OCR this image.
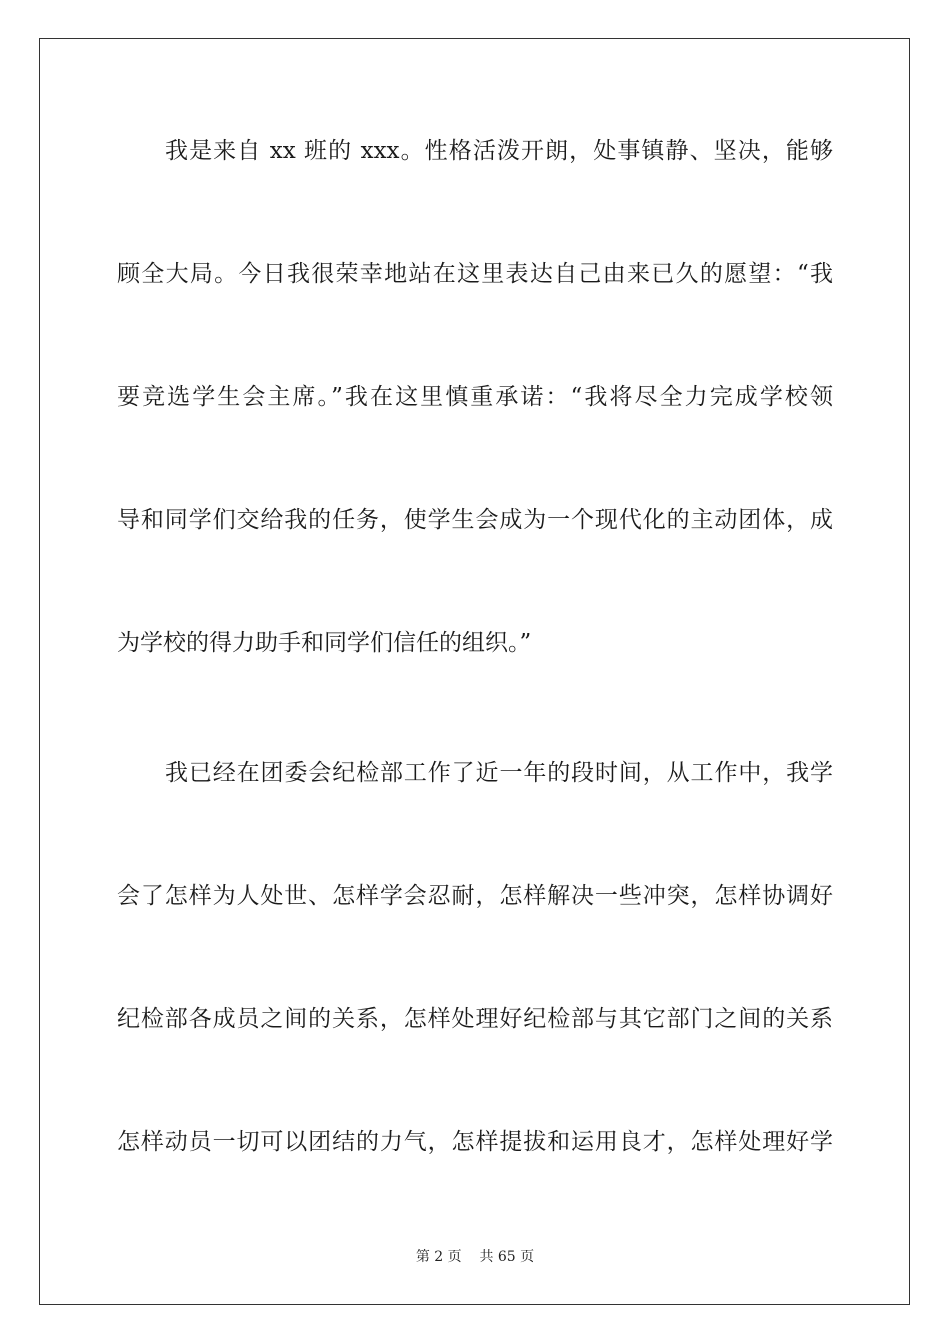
我是来自 xx 班的 xxx。性格活泼开朗，处事镇静、坚决，能够
顾全大局。今日我很荣幸地站在这里表达自己由来已久的愿望：“我
要竞选学生会主席。”我在这里慎重承诺：“我将尽全力完成学校领
导和同学们交给我的任务，使学生会成为一个现代化的主动团体，成
为学校的得力助手和同学们信任的组织。”
我已经在团委会纪检部工作了近一年的段时间，从工作中，我学
会了怎样为人处世、怎样学会忍耐，怎样解决一些冲突，怎样协调好
纪检部各成员之间的关系，怎样处理好纪检部与其它部门之间的关系
怎样动员一切可以团结的力气，怎样提拔和运用良才，怎样处理好学
第 2 页 共 65 页
